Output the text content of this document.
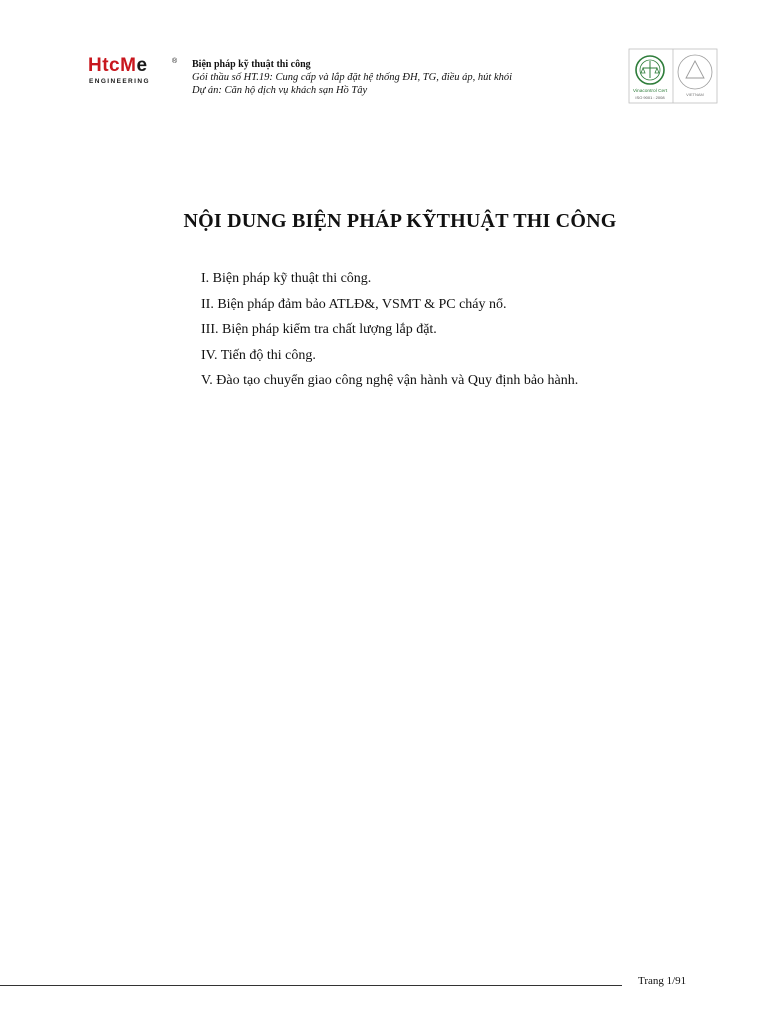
HtcMe	®
ENGINEERING
Biện pháp kỹ thuật thi công
Gói thầu số HT.19: Cung cấp và lắp đặt hệ thống ĐH, TG, điều áp, hút khói
Dự án: Căn hộ dịch vụ khách sạn Hồ Tây	Vinacontrol Cert
ISO 9001 : 2008
VIETNAM
NỘI DUNG BIỆN PHÁP KỸTHUẬT THI CÔNG
I. Biện pháp kỹ thuật thi công.
II. Biện pháp đảm bảo ATLĐ&, VSMT & PC cháy nổ.
III. Biện pháp kiểm tra chất lượng lắp đặt.
IV. Tiến độ thi công.
V. Đào tạo chuyển giao công nghệ vận hành và Quy định bảo hành.
Trang 1/91
